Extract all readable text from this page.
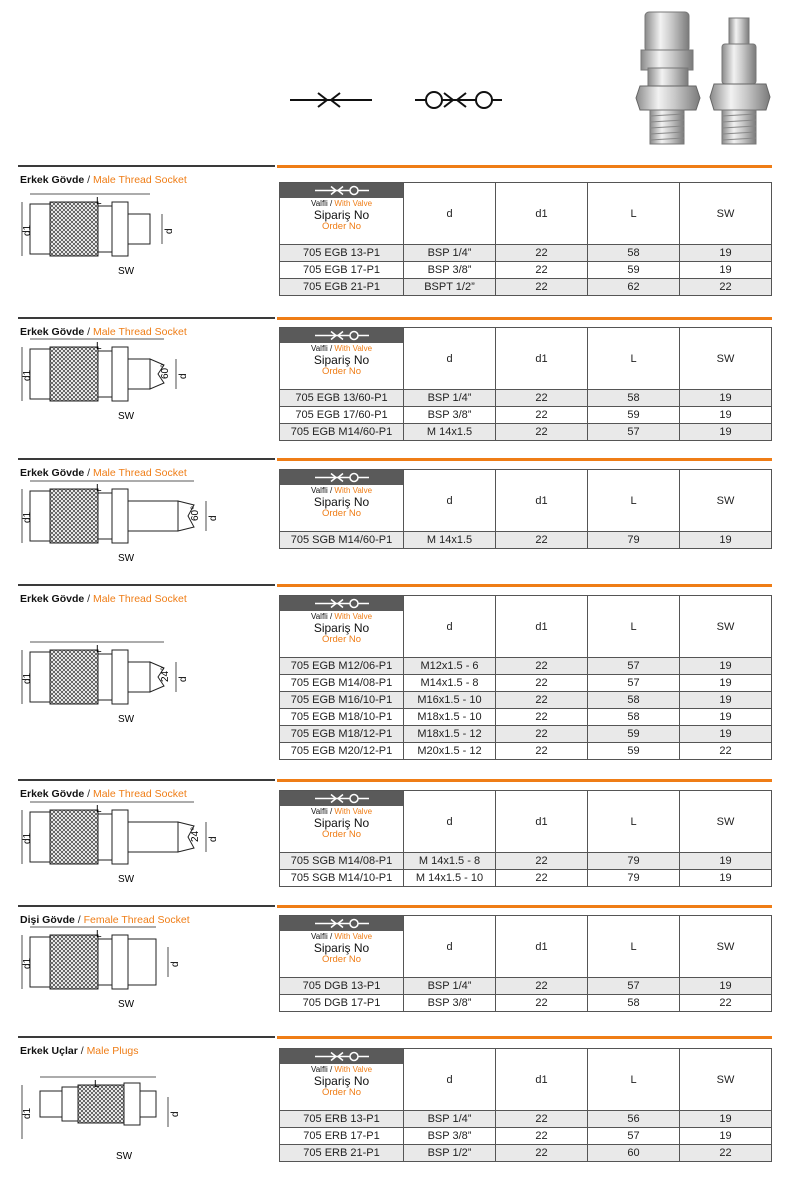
Erkek Gövde / Male Thread Socket
L
d1	d
SW
Valfli / With Valve
Sipariş No
Order No	d	d1	L	SW
705 EGB 13-P1	BSP 1/4”	22	58	19
705 EGB 17-P1	BSP 3/8”	22	59	19
705 EGB 21-P1	BSPT 1/2”	22	62	22
Erkek Gövde / Male Thread Socket
L
d1	d
SW
60°
Valfli / With Valve
Sipariş No
Order No	d	d1	L	SW
705 EGB 13/60-P1	BSP 1/4”	22	58	19
705 EGB 17/60-P1	BSP 3/8”	22	59	19
705 EGB M14/60-P1	M 14x1.5	22	57	19
Erkek Gövde / Male Thread Socket
L
d1	d
SW
60°
Valfli / With Valve
Sipariş No
Order No	d	d1	L	SW
705 SGB M14/60-P1	M 14x1.5	22	79	19
Erkek Gövde / Male Thread Socket
L
d1	d
SW
24°
Valfli / With Valve
Sipariş No
Order No	d	d1	L	SW
705 EGB M12/06-P1	M12x1.5 - 6	22	57	19
705 EGB M14/08-P1	M14x1.5 - 8	22	57	19
705 EGB M16/10-P1	M16x1.5 - 10	22	58	19
705 EGB M18/10-P1	M18x1.5 - 10	22	58	19
705 EGB M18/12-P1	M18x1.5 - 12	22	59	19
705 EGB M20/12-P1	M20x1.5 - 12	22	59	22
Erkek Gövde / Male Thread Socket
L
d1	d
SW
24°
Valfli / With Valve
Sipariş No
Order No	d	d1	L	SW
705 SGB M14/08-P1	M 14x1.5 - 8	22	79	19
705 SGB M14/10-P1	M 14x1.5 - 10	22	79	19
Dişi Gövde / Female Thread Socket
L
d1	d
SW
Valfli / With Valve
Sipariş No
Order No	d	d1	L	SW
705 DGB 13-P1	BSP 1/4”	22	57	19
705 DGB 17-P1	BSP 3/8”	22	58	22
Erkek Uçlar / Male Plugs
L
d1	d
SW
Valfli / With Valve
Sipariş No
Order No	d	d1	L	SW
705 ERB 13-P1	BSP 1/4”	22	56	19
705 ERB 17-P1	BSP 3/8”	22	57	19
705 ERB 21-P1	BSP 1/2”	22	60	22
